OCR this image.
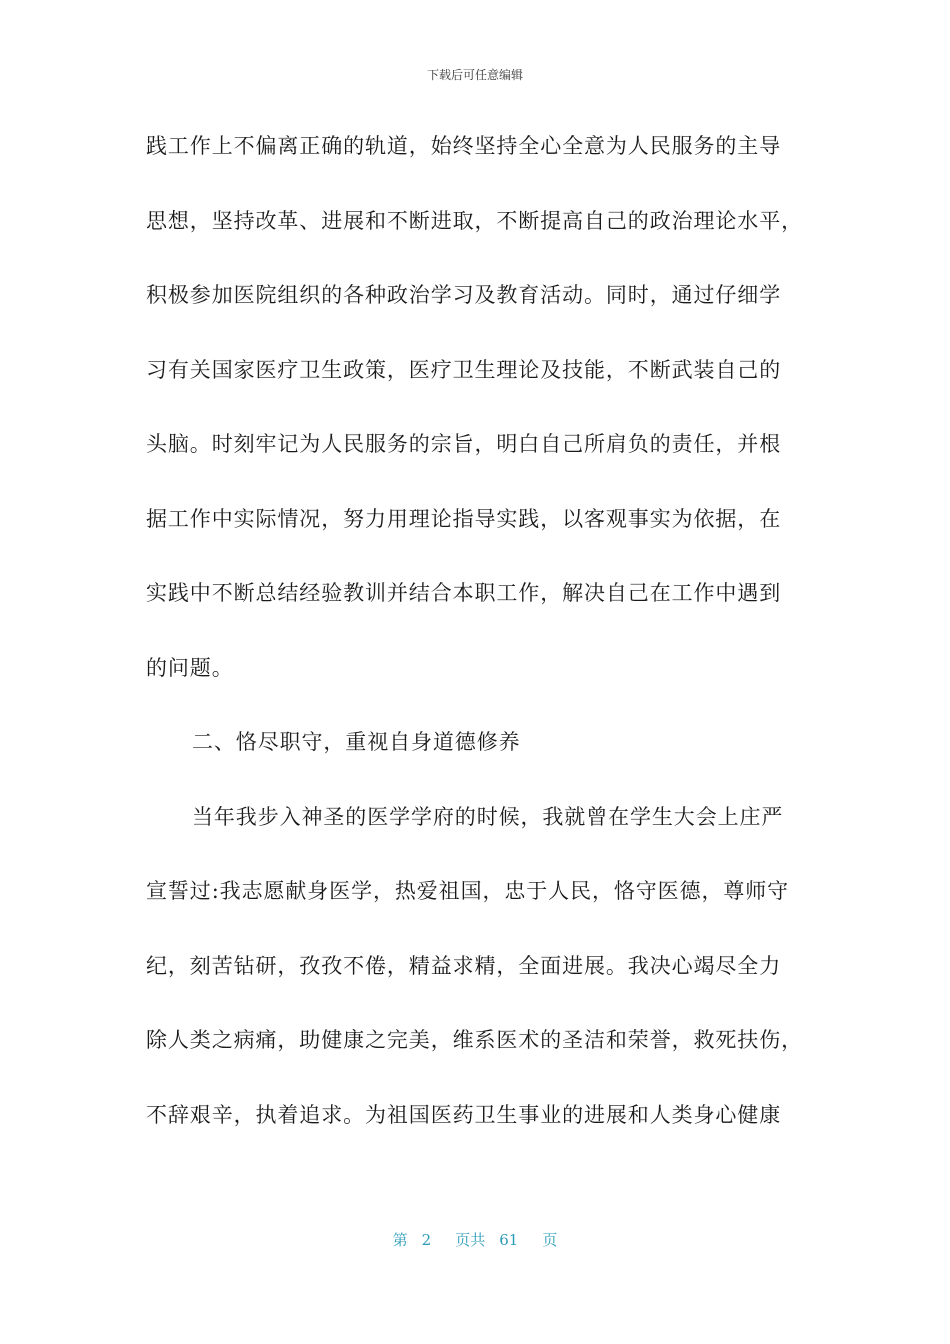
下载后可任意编辑
践工作上不偏离正确的轨道，始终坚持全心全意为人民服务的主导
思想，坚持改革、进展和不断进取，不断提高自己的政治理论水平，
积极参加医院组织的各种政治学习及教育活动。同时，通过仔细学
习有关国家医疗卫生政策，医疗卫生理论及技能，不断武装自己的
头脑。时刻牢记为人民服务的宗旨，明白自己所肩负的责任，并根
据工作中实际情况，努力用理论指导实践，以客观事实为依据，在
实践中不断总结经验教训并结合本职工作，解决自己在工作中遇到
的问题。
二、恪尽职守，重视自身道德修养
当年我步入神圣的医学学府的时候，我就曾在学生大会上庄严
宣誓过:我志愿献身医学，热爱祖国，忠于人民，恪守医德，尊师守
纪，刻苦钻研，孜孜不倦，精益求精，全面进展。我决心竭尽全力
除人类之病痛，助健康之完美，维系医术的圣洁和荣誉，救死扶伤，
不辞艰辛，执着追求。为祖国医药卫生事业的进展和人类身心健康
第 2 页共 61 页
